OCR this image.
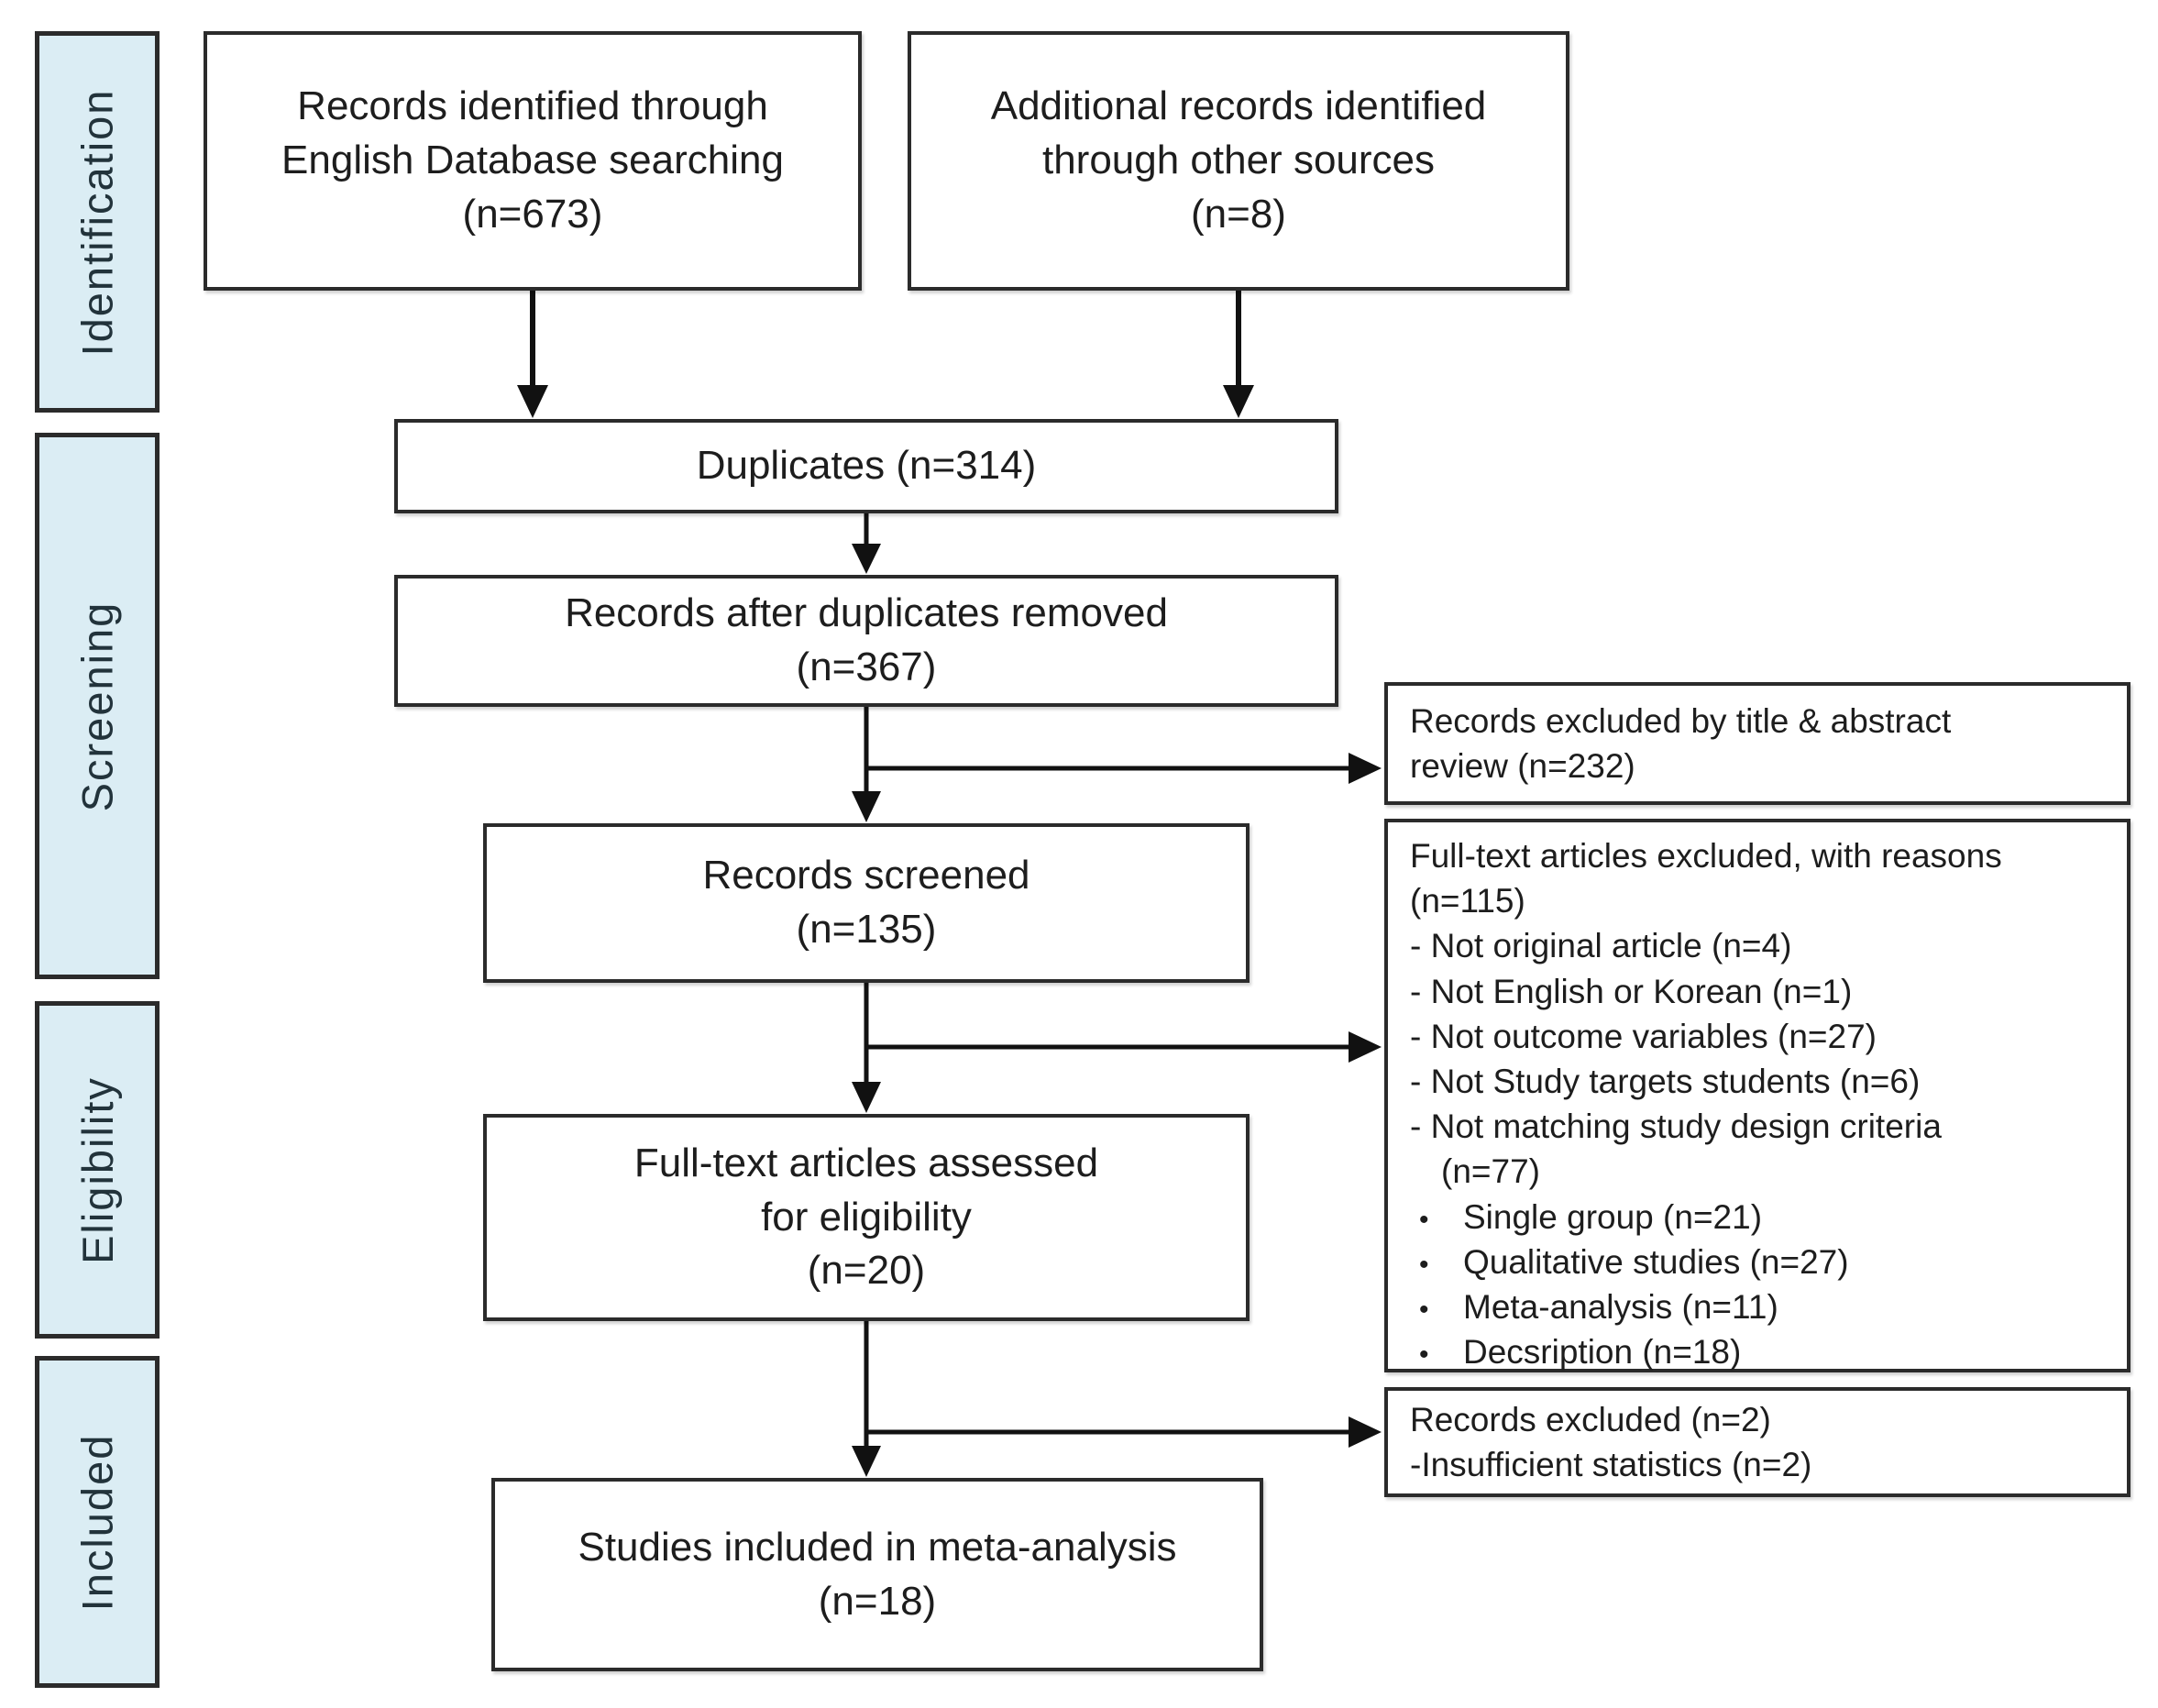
Identification
Screening
Eligibility
Included
Records identified through
English Database searching
(n=673)
Additional records identified
through other sources
(n=8)
Duplicates (n=314)
Records after duplicates removed
(n=367)
Records screened
(n=135)
Full-text articles assessed
for eligibility
(n=20)
Studies included in meta-analysis
(n=18)
Records excluded by title & abstract
review (n=232)
Full-text articles excluded, with reasons
(n=115)
- Not original article (n=4)
- Not English or Korean (n=1)
- Not outcome variables (n=27)
- Not Study targets students (n=6)
- Not matching study design criteria
(n=77)
•	Single group (n=21)
•	Qualitative studies (n=27)
•	Meta-analysis (n=11)
•	Decsription (n=18)
Records excluded (n=2)
-Insufficient statistics (n=2)
